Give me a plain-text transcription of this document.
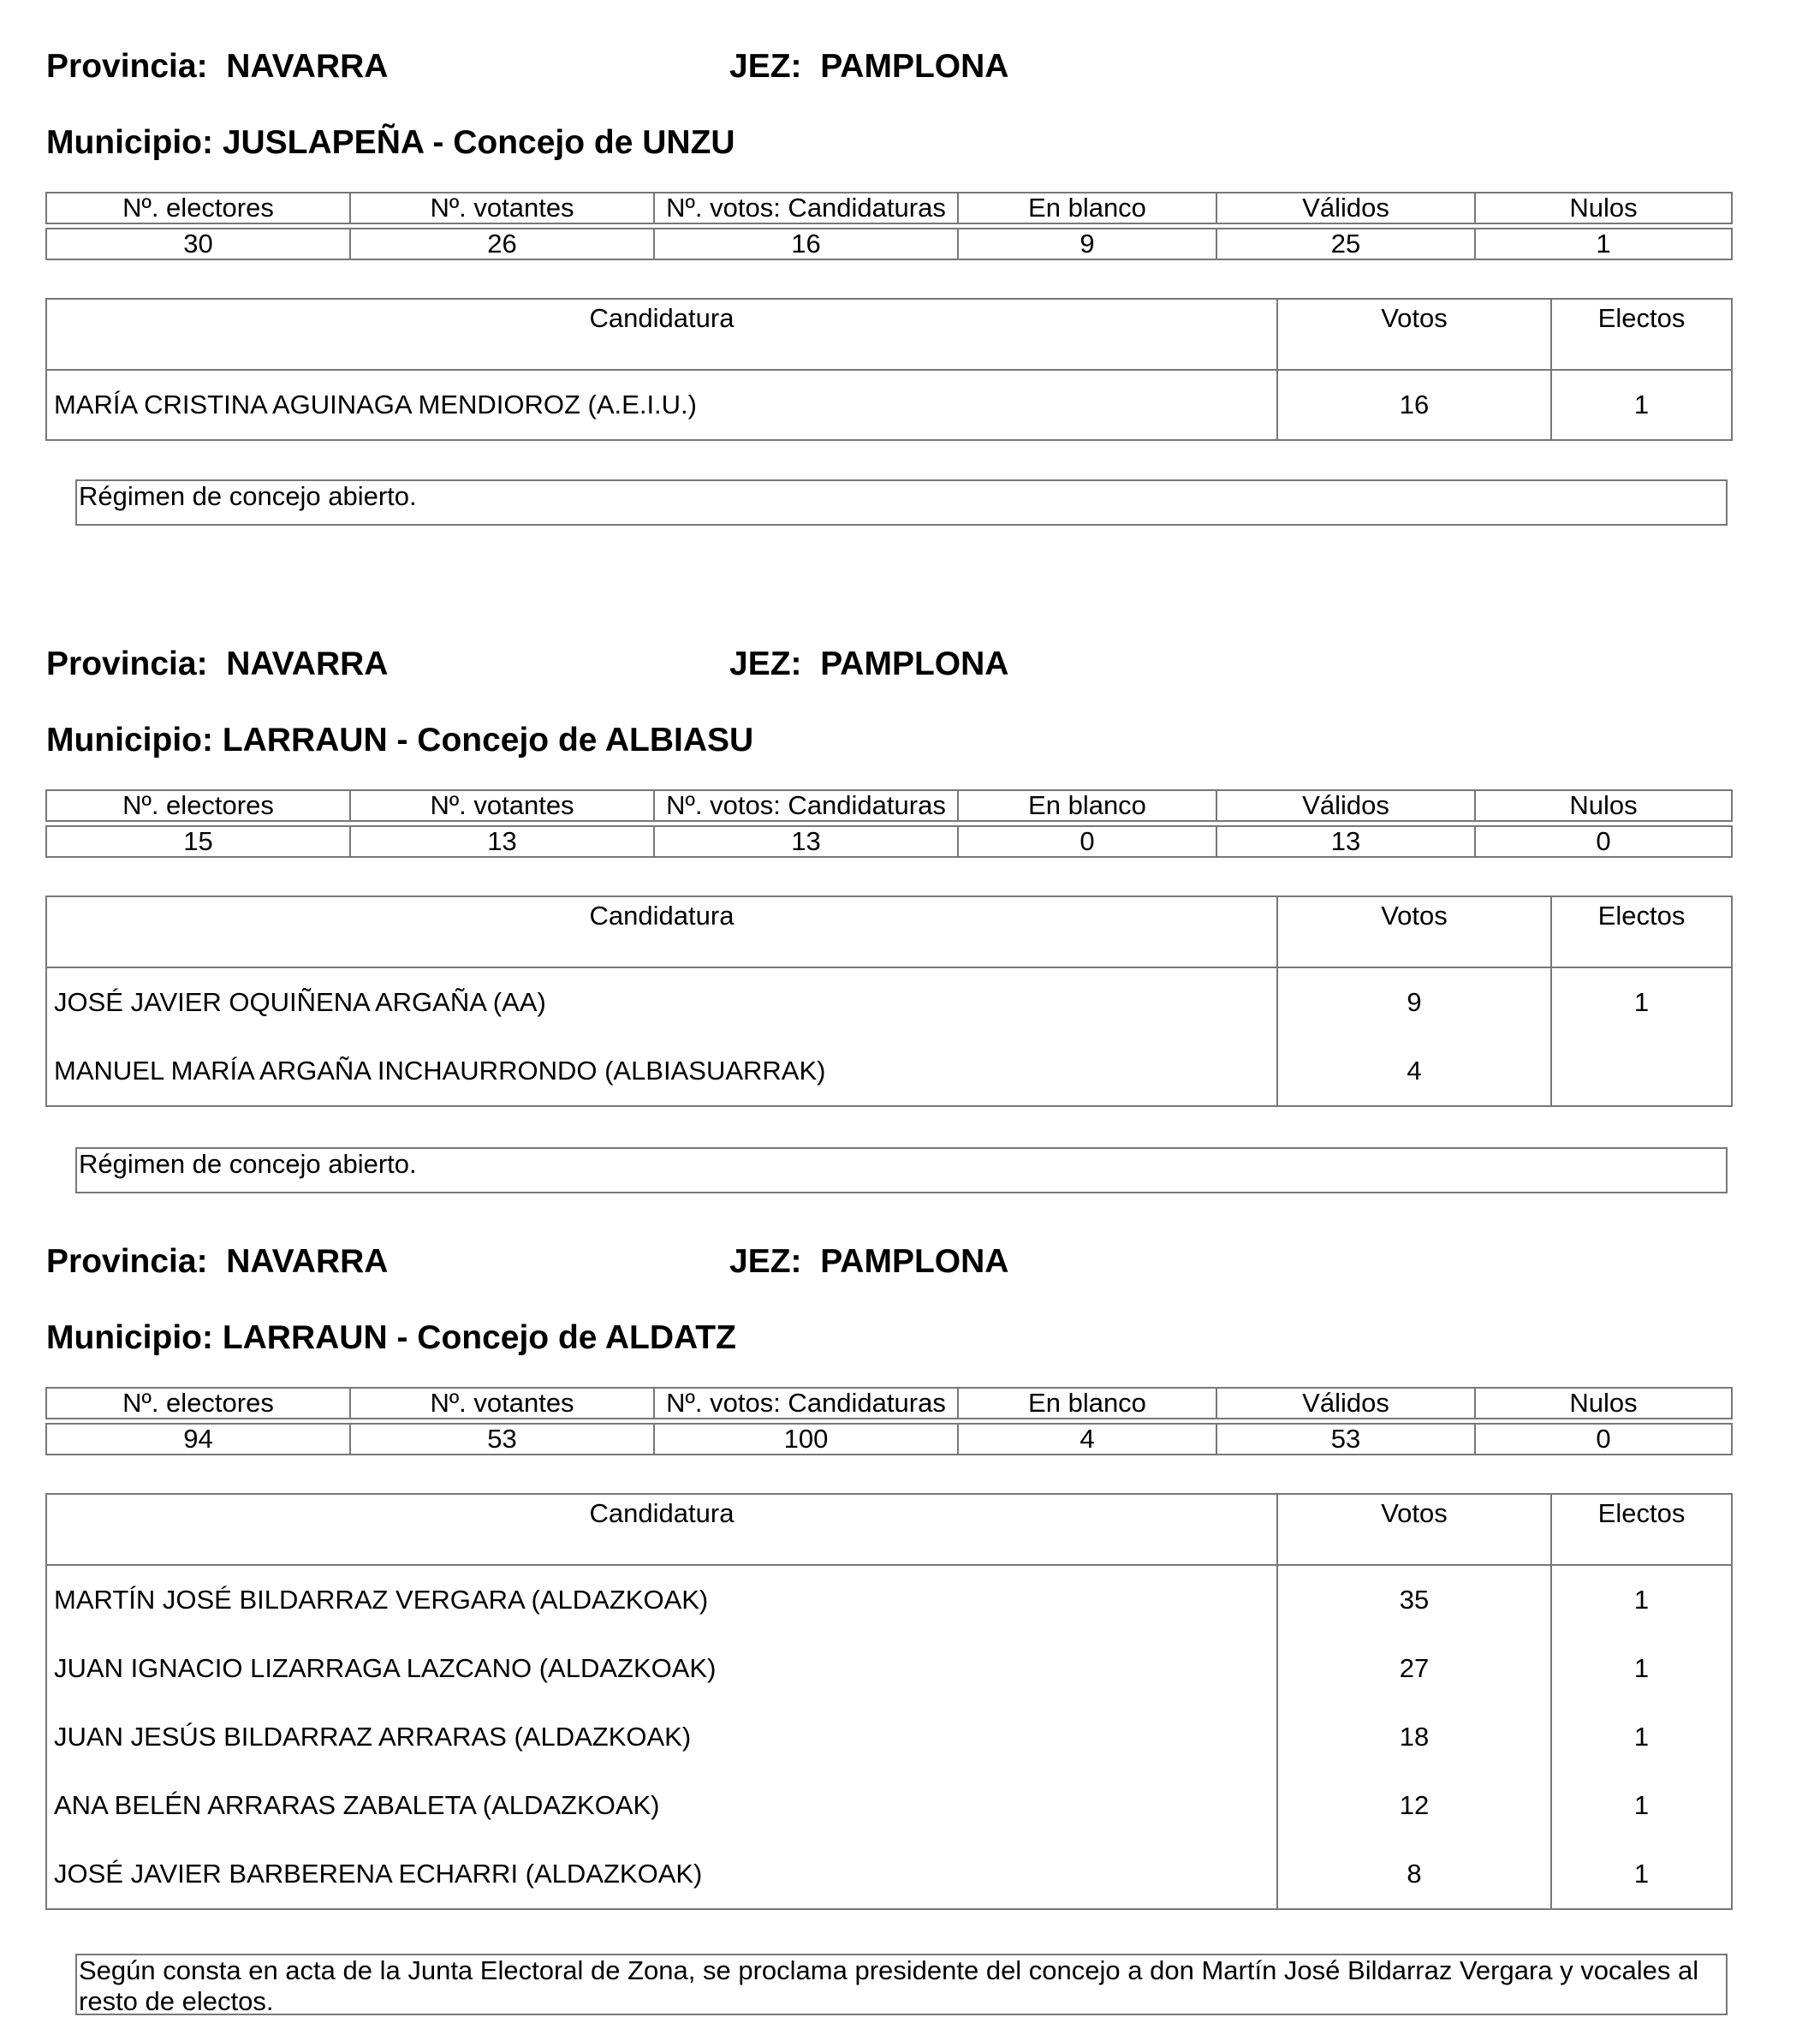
Provincia: NAVARRA	JEZ: PAMPLONA
Municipio: JUSLAPEÑA - Concejo de UNZU
Nº. electores	Nº. votantes	Nº. votos: Candidaturas	En blanco	Válidos	Nulos

30	26	16	9	25	1
Candidatura	Votos	Electos
MARÍA CRISTINA AGUINAGA MENDIOROZ (A.E.I.U.)	16	1
Régimen de concejo abierto.
Provincia: NAVARRA	JEZ: PAMPLONA
Municipio: LARRAUN - Concejo de ALBIASU
Nº. electores	Nº. votantes	Nº. votos: Candidaturas	En blanco	Válidos	Nulos

15	13	13	0	13	0
Candidatura	Votos	Electos
JOSÉ JAVIER OQUIÑENA ARGAÑA (AA)	9	1
MANUEL MARÍA ARGAÑA INCHAURRONDO (ALBIASUARRAK)	4	
Régimen de concejo abierto.
Provincia: NAVARRA	JEZ: PAMPLONA
Municipio: LARRAUN - Concejo de ALDATZ
Nº. electores	Nº. votantes	Nº. votos: Candidaturas	En blanco	Válidos	Nulos

94	53	100	4	53	0
Candidatura	Votos	Electos
MARTÍN JOSÉ BILDARRAZ VERGARA (ALDAZKOAK)	35	1
JUAN IGNACIO LIZARRAGA LAZCANO (ALDAZKOAK)	27	1
JUAN JESÚS BILDARRAZ ARRARAS (ALDAZKOAK)	18	1
ANA BELÉN ARRARAS ZABALETA (ALDAZKOAK)	12	1
JOSÉ JAVIER BARBERENA ECHARRI (ALDAZKOAK)	8	1
Según consta en acta de la Junta Electoral de Zona, se proclama presidente del concejo a don Martín José Bildarraz Vergara y vocales al resto de electos.
